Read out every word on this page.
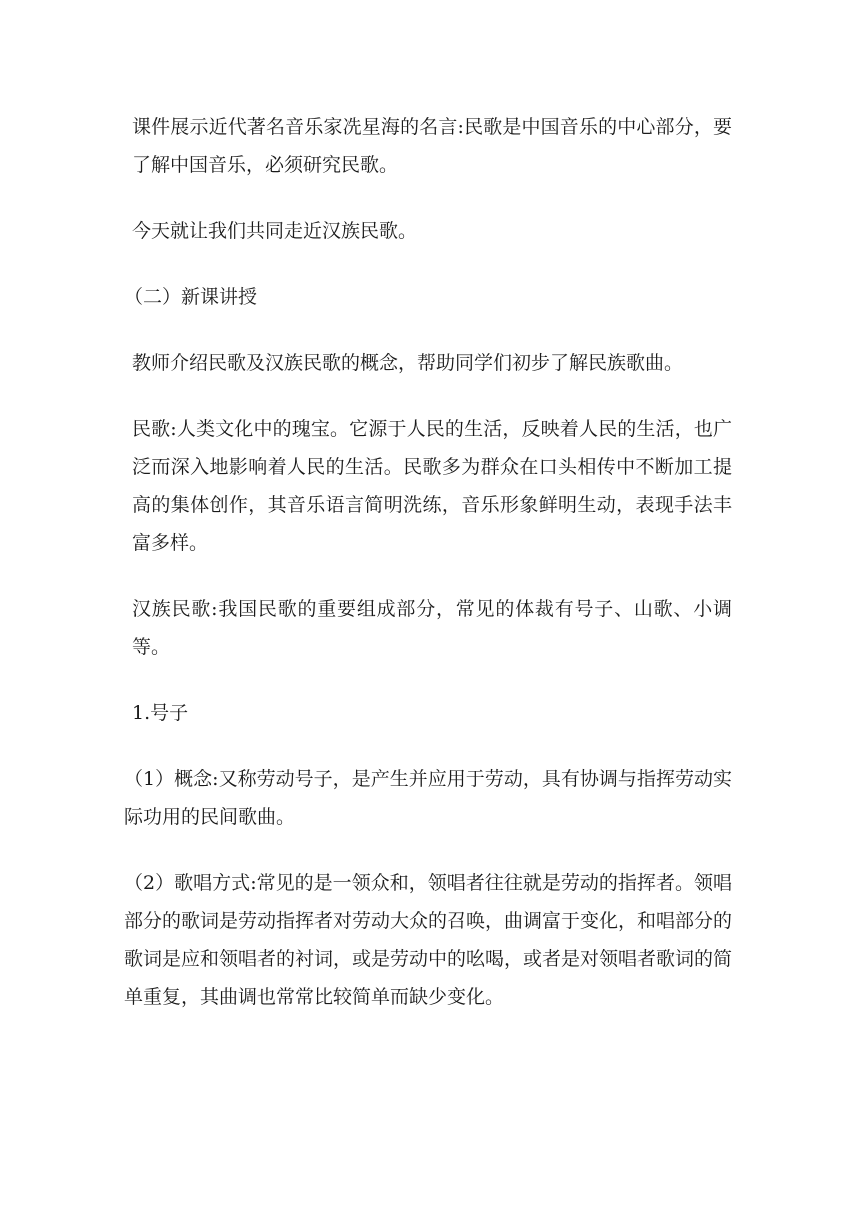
课件展示近代著名音乐家冼星海的名言:民歌是中国音乐的中心部分，要了解中国音乐，必须研究民歌。

今天就让我们共同走近汉族民歌。

（二）新课讲授

教师介绍民歌及汉族民歌的概念，帮助同学们初步了解民族歌曲。

民歌:人类文化中的瑰宝。它源于人民的生活，反映着人民的生活，也广泛而深入地影响着人民的生活。民歌多为群众在口头相传中不断加工提高的集体创作，其音乐语言简明洗练，音乐形象鲜明生动，表现手法丰富多样。

汉族民歌:我国民歌的重要组成部分，常见的体裁有号子、山歌、小调等。

1.号子

（1）概念:又称劳动号子，是产生并应用于劳动，具有协调与指挥劳动实际功用的民间歌曲。

（2）歌唱方式:常见的是一领众和，领唱者往往就是劳动的指挥者。领唱部分的歌词是劳动指挥者对劳动大众的召唤，曲调富于变化，和唱部分的歌词是应和领唱者的衬词，或是劳动中的吆喝，或者是对领唱者歌词的简单重复，其曲调也常常比较简单而缺少变化。
